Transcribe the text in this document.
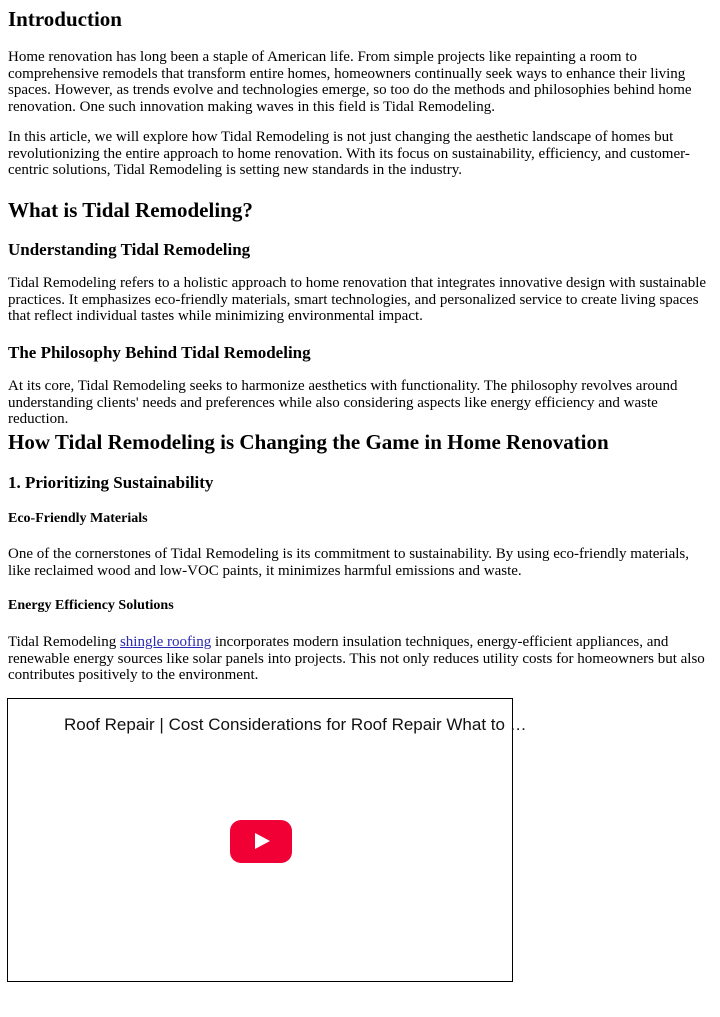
Introduction

Home renovation has long been a staple of American life. From simple projects like repainting a room to comprehensive remodels that transform entire homes, homeowners continually seek ways to enhance their living spaces. However, as trends evolve and technologies emerge, so too do the methods and philosophies behind home renovation. One such innovation making waves in this field is Tidal Remodeling.

In this article, we will explore how Tidal Remodeling is not just changing the aesthetic landscape of homes but revolutionizing the entire approach to home renovation. With its focus on sustainability, efficiency, and customer-centric solutions, Tidal Remodeling is setting new standards in the industry.

What is Tidal Remodeling?
Understanding Tidal Remodeling

Tidal Remodeling refers to a holistic approach to home renovation that integrates innovative design with sustainable practices. It emphasizes eco-friendly materials, smart technologies, and personalized service to create living spaces that reflect individual tastes while minimizing environmental impact.

The Philosophy Behind Tidal Remodeling

At its core, Tidal Remodeling seeks to harmonize aesthetics with functionality. The philosophy revolves around understanding clients' needs and preferences while also considering aspects like energy efficiency and waste reduction.

How Tidal Remodeling is Changing the Game in Home Renovation
1. Prioritizing Sustainability
Eco-Friendly Materials

One of the cornerstones of Tidal Remodeling is its commitment to sustainability. By using eco-friendly materials, like reclaimed wood and low-VOC paints, it minimizes harmful emissions and waste.

Energy Efficiency Solutions

Tidal Remodeling shingle roofing incorporates modern insulation techniques, energy-efficient appliances, and renewable energy sources like solar panels into projects. This not only reduces utility costs for homeowners but also contributes positively to the environment.

Roof Repair | Cost Considerations for Roof Repair What to …
